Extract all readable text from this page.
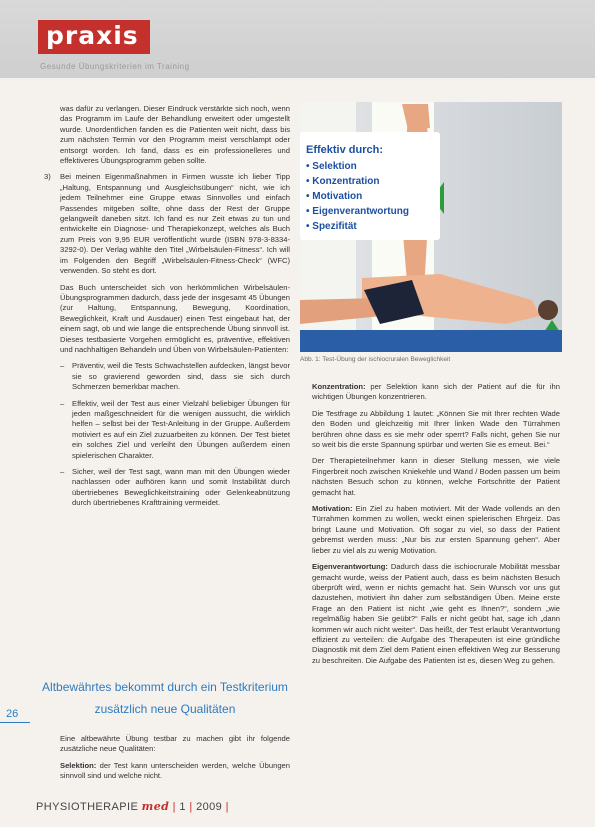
praxis
Gesunde Übungskriterien im Training

was dafür zu verlangen. Dieser Eindruck verstärkte sich noch, wenn das Programm im Laufe der Behandlung erweitert oder umgestellt wurde. Unordentlichen fanden es die Patienten weit nicht, dass bis zum nächsten Termin vor den Programm meist verschlampt oder entsorgt worden. Ich fand, dass es ein professionelleres und effektiveres Übungsprogramm geben sollte.

3) Bei meinen Eigenmaßnahmen in Firmen wusste ich lieber Tipp „Haltung, Entspannung und Ausgleichsübungen“ nicht, wie ich jedem Teilnehmer eine Gruppe etwas Sinnvolles und einfach Passendes mitgeben sollte, ohne dass der Rest der Gruppe gelangweilt daneben sitzt. Ich fand es nur Zeit etwas zu tun und entwickelte ein Diagnose- und Therapiekonzept, welches als Buch zum Preis von 9,95 EUR veröffentlicht wurde (ISBN 978-3-8334-3292-0). Der Verlag wählte den Titel „Wirbelsäulen-Fitness“. Ich will im Folgenden den Begriff „Wirbelsäulen-Fitness-Check“ (WFC) verwenden. So steht es dort.

Das Buch unterscheidet sich von herkömmlichen Wirbelsäulen-Übungsprogrammen dadurch, dass jede der insgesamt 45 Übungen (zur Haltung, Entspannung, Bewegung, Koordination, Beweglichkeit, Kraft und Ausdauer) einen Test eingebaut hat, der einem sagt, ob und wie lange die entsprechende Übung sinnvoll ist. Dieses testbasierte Vorgehen ermöglicht es, präventive, effektiven und nachhaltigen Behandeln und Üben von Wirbelsäulen-Patienten:

– Präventiv, weil die Tests Schwachstellen aufdecken, längst bevor sie so gravierend geworden sind, dass sie sich durch Schmerzen bemerkbar machen.

– Effektiv, weil der Test aus einer Vielzahl beliebiger Übungen für jeden maßgeschneidert für die wenigen aussucht, die wirklich helfen – selbst bei der Test-Anleitung in der Gruppe. Außerdem motiviert es auf ein Ziel zuzuarbeiten zu können. Der Test bietet ein solches Ziel und verleiht den Übungen außerdem einen spielerischen Charakter.

– Sicher, weil der Test sagt, wann man mit den Übungen wieder nachlassen oder aufhören kann und somit Instabilität durch übertriebenes Beweglichkeitstraining oder Gelenkeabnützung durch übertriebenes Krafttraining vermeidet.

Altbewährtes bekommt durch ein Testkriterium zusätzlich neue Qualitäten

Eine altbewährte Übung testbar zu machen gibt ihr folgende zusätzliche neue Qualitäten:

Selektion: der Test kann unterscheiden werden, welche Übungen sinnvoll sind und welche nicht.

26
Effektiv durch:
• Selektion
• Konzentration
• Motivation
• Eigenverantwortung
• Spezifität
Abb. 1: Test-Übung der ischiocruralen Beweglichkeit

Konzentration: per Selektion kann sich der Patient auf die für ihn wichtigen Übungen konzentrieren.

Die Testfrage zu Abbildung 1 lautet: „Können Sie mit Ihrer rechten Wade den Boden und gleichzeitig mit Ihrer linken Wade den Türrahmen berühren ohne dass es sie mehr oder sperrt? Falls nicht, gehen Sie nur so weit bis die erste Spannung spürbar und werten Sie es erneut. Bei.“

Der Therapieteilnehmer kann in dieser Stellung messen, wie viele Fingerbreit noch zwischen Kniekehle und Wand / Boden passen um beim nächsten Besuch schon zu können, welche Fortschritte der Patient gemacht hat.

Motivation: Ein Ziel zu haben motiviert. Mit der Wade vollends an den Türrahmen kommen zu wollen, weckt einen spielerischen Ehrgeiz. Das bringt Laune und Motivation. Oft sogar zu viel, so dass der Patient gebremst werden muss: „Nur bis zur ersten Spannung gehen“. Aber lieber zu viel als zu wenig Motivation.

Eigenverantwortung: Dadurch dass die ischiocrurale Mobilität messbar gemacht wurde, weiss der Patient auch, dass es beim nächsten Besuch überprüft wird, wenn er nichts gemacht hat. Sein Wunsch vor uns gut dazustehen, motiviert ihn daher zum selbständigen Üben. Meine erste Frage an den Patient ist nicht „wie geht es Ihnen?“, sondern „wie regelmäßig haben Sie geübt?“ Falls er nicht geübt hat, sage ich „dann kommen wir auch nicht weiter“. Das heißt, der Test erlaubt Verantwortung effizient zu verteilen: die Aufgabe des Therapeuten ist eine gründliche Diagnostik mit dem Ziel dem Patient einen effektiven Weg zur Besserung zu beschreiten. Die Aufgabe des Patienten ist es, diesen Weg zu gehen.

PHYSIOTHERAPIE med | 1 | 2009 |
